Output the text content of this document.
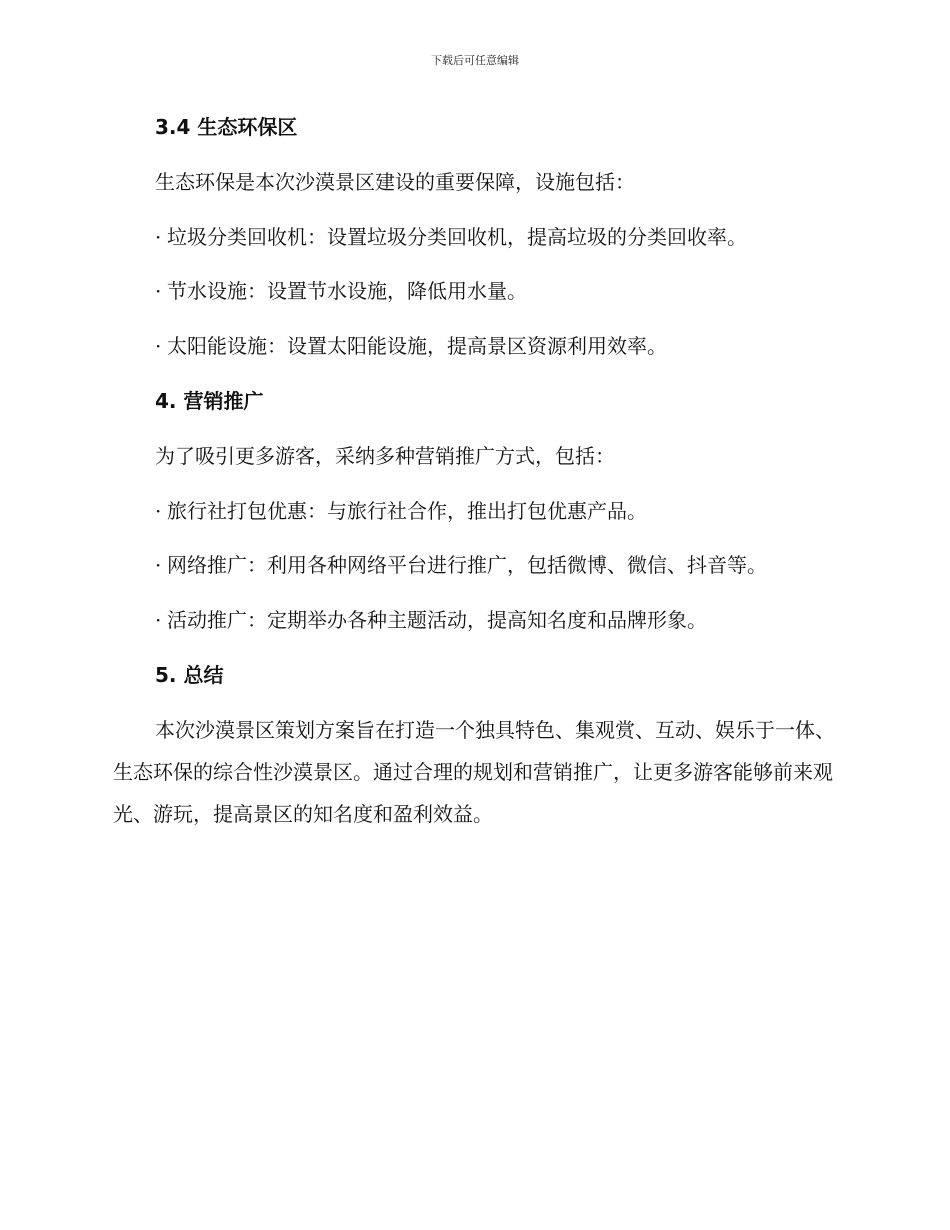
下载后可任意编辑
3.4 生态环保区
生态环保是本次沙漠景区建设的重要保障，设施包括：
· 垃圾分类回收机：设置垃圾分类回收机，提高垃圾的分类回收率。
· 节水设施：设置节水设施，降低用水量。
· 太阳能设施：设置太阳能设施，提高景区资源利用效率。
4. 营销推广
为了吸引更多游客，采纳多种营销推广方式，包括：
· 旅行社打包优惠：与旅行社合作，推出打包优惠产品。
· 网络推广：利用各种网络平台进行推广，包括微博、微信、抖音等。
· 活动推广：定期举办各种主题活动，提高知名度和品牌形象。
5. 总结

本次沙漠景区策划方案旨在打造一个独具特色、集观赏、互动、娱乐于一体、生态环保的综合性沙漠景区。通过合理的规划和营销推广，让更多游客能够前来观光、游玩，提高景区的知名度和盈利效益。
